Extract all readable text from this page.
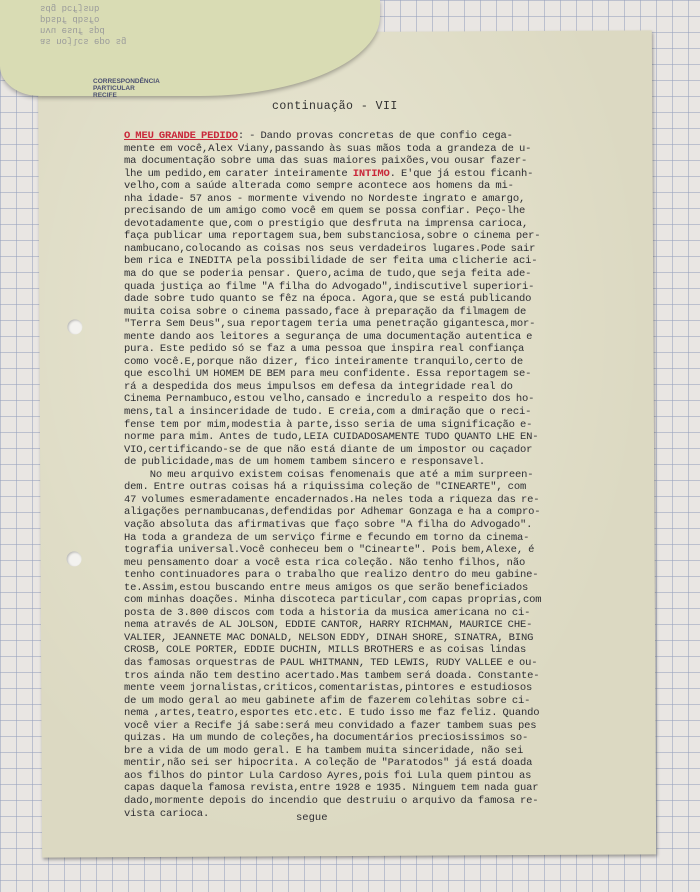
as nojlcs epo sg
nvu esuf spd
pbsbf dbsfo
sdg bcfjsnb
CORRESPONDÊNCIA
PARTICULAR
RECIFE
continuação - VII

O MEU GRANDE PEDIDO: - Dando provas concretas de que confio cega-
mente em você,Alex Viany,passando às suas mãos toda a grandeza de u-
ma documentação sobre uma das suas maiores paixões,vou ousar fazer-
lhe um pedido,em carater inteiramente INTIMO. E'que já estou ficanh-
velho,com a saúde alterada como sempre acontece aos homens da mi-
nha idade- 57 anos - mormente vivendo no Nordeste ingrato e amargo,
precisando de um amigo como você em quem se possa confiar. Peço-lhe
devotadamente que,com o prestigio que desfruta na imprensa carioca,
faça publicar uma reportagem sua,bem substanciosa,sobre o cinema per-
nambucano,colocando as coisas nos seus verdadeiros lugares.Pode sair
bem rica e INEDITA pela possibilidade de ser feita uma clicherie aci-
ma do que se poderia pensar. Quero,acima de tudo,que seja feita ade-
quada justiça ao filme "A filha do Advogado",indiscutivel superiori-
dade sobre tudo quanto se fêz na época. Agora,que se está publicando
muita coisa sobre o cinema passado,face à preparação da filmagem de
"Terra Sem Deus",sua reportagem teria uma penetração gigantesca,mor-
mente dando aos leitores a segurança de uma documentação autentica e
pura. Este pedido só se faz a uma pessoa que inspira real confiança
como você.E,porque não dizer, fico inteiramente tranquilo,certo de
que escolhi UM HOMEM DE BEM para meu confidente. Essa reportagem se-
rá a despedida dos meus impulsos em defesa da integridade real do
Cinema Pernambuco,estou velho,cansado e incredulo a respeito dos ho-
mens,tal a insinceridade de tudo. E creia,com a dmiração que o reci-
fense tem por mim,modestia à parte,isso seria de uma significação e-
norme para mim. Antes de tudo,LEIA CUIDADOSAMENTE TUDO QUANTO LHE EN-
VIO,certificando-se de que não está diante de um impostor ou caçador
de publicidade,mas de um homem tambem sincero e responsavel.

No meu arquivo existem coisas fenomenais que até a mim surpreen-
dem. Entre outras coisas há a riquissima coleção de "CINEARTE", com
47 volumes esmeradamente encadernados.Ha neles toda a riqueza das re-
aligações pernambucanas,defendidas por Adhemar Gonzaga e ha a compro-
vação absoluta das afirmativas que faço sobre "A filha do Advogado".
Ha toda a grandeza de um serviço firme e fecundo em torno da cinema-
tografia universal.Você conheceu bem o "Cinearte". Pois bem,Alexe, é
meu pensamento doar a você esta rica coleção. Não tenho filhos, não
tenho continuadores para o trabalho que realizo dentro do meu gabine-
te.Assim,estou buscando entre meus amigos os que serão beneficiados
com minhas doações. Minha discoteca particular,com capas proprias,com
posta de 3.800 discos com toda a historia da musica americana no ci-
nema através de AL JOLSON, EDDIE CANTOR, HARRY RICHMAN, MAURICE CHE-
VALIER, JEANNETE MAC DONALD, NELSON EDDY, DINAH SHORE, SINATRA, BING
CROSB, COLE PORTER, EDDIE DUCHIN, MILLS BROTHERS e as coisas lindas
das famosas orquestras de PAUL WHITMANN, TED LEWIS, RUDY VALLEE e ou-
tros ainda não tem destino acertado.Mas tambem será doada. Constante-
mente veem jornalistas,criticos,comentaristas,pintores e estudiosos
de um modo geral ao meu gabinete afim de fazerem colehitas sobre ci-
nema ,artes,teatro,esportes etc.etc. E tudo isso me faz feliz. Quando
você vier a Recife já sabe:será meu convidado a fazer tambem suas pes
quizas. Ha um mundo de coleções,ha documentários preciosissimos so-
bre a vida de um modo geral. E ha tambem muita sinceridade, não sei
mentir,não sei ser hipocrita. A coleção de "Paratodos" já está doada
aos filhos do pintor Lula Cardoso Ayres,pois foi Lula quem pintou as
capas daquela famosa revista,entre 1928 e 1935. Ninguem tem nada guar
dado,mormente depois do incendio que destruiu o arquivo da famosa re-
vista carioca.	segue
